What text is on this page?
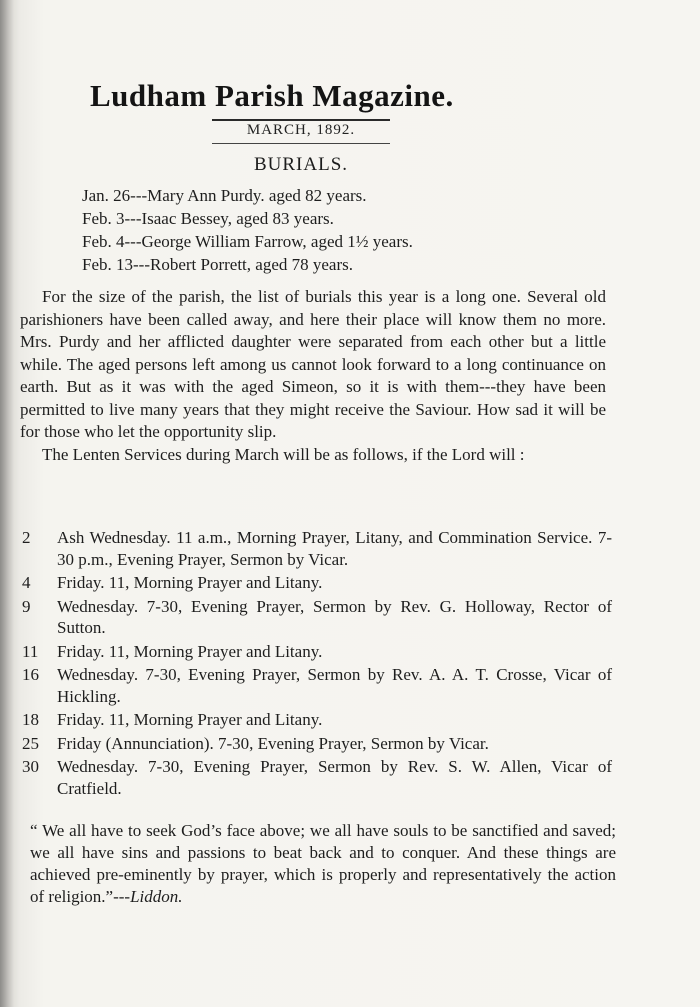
Ludham Parish Magazine.
MARCH, 1892.
BURIALS.
Jan. 26---Mary Ann Purdy. aged 82 years.
Feb. 3---Isaac Bessey, aged 83 years.
Feb. 4---George William Farrow, aged 1½ years.
Feb. 13---Robert Porrett, aged 78 years.

For the size of the parish, the list of burials this year is a long one. Several old parishioners have been called away, and here their place will know them no more. Mrs. Purdy and her afflicted daughter were separated from each other but a little while. The aged persons left among us cannot look forward to a long continuance on earth. But as it was with the aged Simeon, so it is with them---they have been permitted to live many years that they might receive the Saviour. How sad it will be for those who let the opportunity slip.

The Lenten Services during March will be as follows, if the Lord will :

2	Ash Wednesday. 11 a.m., Morning Prayer, Litany, and Commination Service. 7-30 p.m., Evening Prayer, Sermon by Vicar.
4	Friday. 11, Morning Prayer and Litany.
9	Wednesday. 7-30, Evening Prayer, Sermon by Rev. G. Holloway, Rector of Sutton.
11	Friday. 11, Morning Prayer and Litany.
16	Wednesday. 7-30, Evening Prayer, Sermon by Rev. A. A. T. Crosse, Vicar of Hickling.
18	Friday. 11, Morning Prayer and Litany.
25	Friday (Annunciation). 7-30, Evening Prayer, Sermon by Vicar.
30	Wednesday. 7-30, Evening Prayer, Sermon by Rev. S. W. Allen, Vicar of Cratfield.
“ We all have to seek God’s face above; we all have souls to be sanctified and saved; we all have sins and passions to beat back and to conquer. And these things are achieved pre-eminently by prayer, which is properly and representatively the action of religion.”---Liddon.
